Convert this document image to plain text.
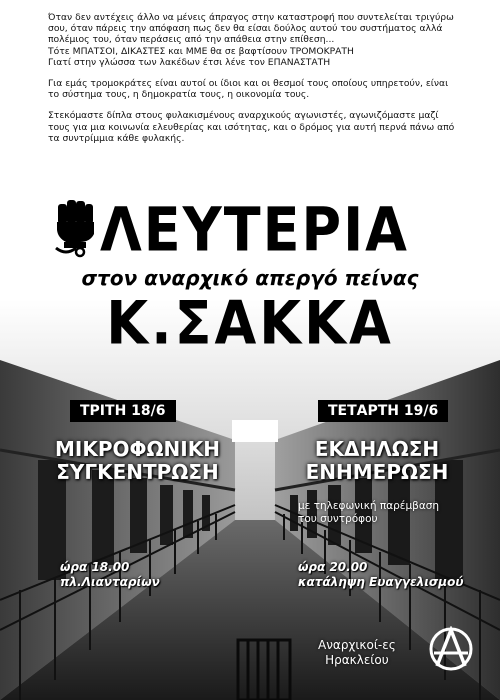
Όταν δεν αντέχεις άλλο να μένεις άπραγος στην καταστροφή που συντελείται τριγύρω
σου, όταν πάρεις την απόφαση πως δεν θα είσαι δούλος αυτού του συστήματος αλλά
πολέμιος του, όταν περάσεις από την απάθεια στην επίθεση...
Τότε ΜΠΑΤΣΟΙ, ΔΙΚΑΣΤΕΣ και ΜΜΕ θα σε βαφτίσουν ΤΡΟΜΟΚΡΑΤΗ
Γιατί στην γλώσσα των λακέδων έτσι λένε τον ΕΠΑΝΑΣΤΑΤΗ

Για εμάς τρομοκράτες είναι αυτοί οι ίδιοι και οι θεσμοί τους οποίους υπηρετούν, είναι
το σύστημα τους, η δημοκρατία τους, η οικονομία τους.

Στεκόμαστε δίπλα στους φυλακισμένους αναρχικούς αγωνιστές, αγωνιζόμαστε μαζί
τους για μια κοινωνία ελευθερίας και ισότητας, και ο δρόμος για αυτή περνά πάνω από
τα συντρίμμια κάθε φυλακής.

ΛΕΥΤΕΡΙΑ
στον αναρχικό απεργό πείνας
Κ.ΣΑΚΚΑ
ΤΡΙΤΗ 18/6
ΜΙΚΡΟΦΩΝΙΚΗ
ΣΥΓΚΕΝΤΡΩΣΗ
ώρα 18.00
πλ.Λιανταρίων
ΤΕΤΑΡΤΗ 19/6
ΕΚΔΗΛΩΣΗ
ΕΝΗΜΕΡΩΣΗ
με τηλεφωνική παρέμβαση
του συντρόφου
ώρα 20.00
κατάληψη Ευαγγελισμού
Αναρχικοί-ες
Ηρακλείου
